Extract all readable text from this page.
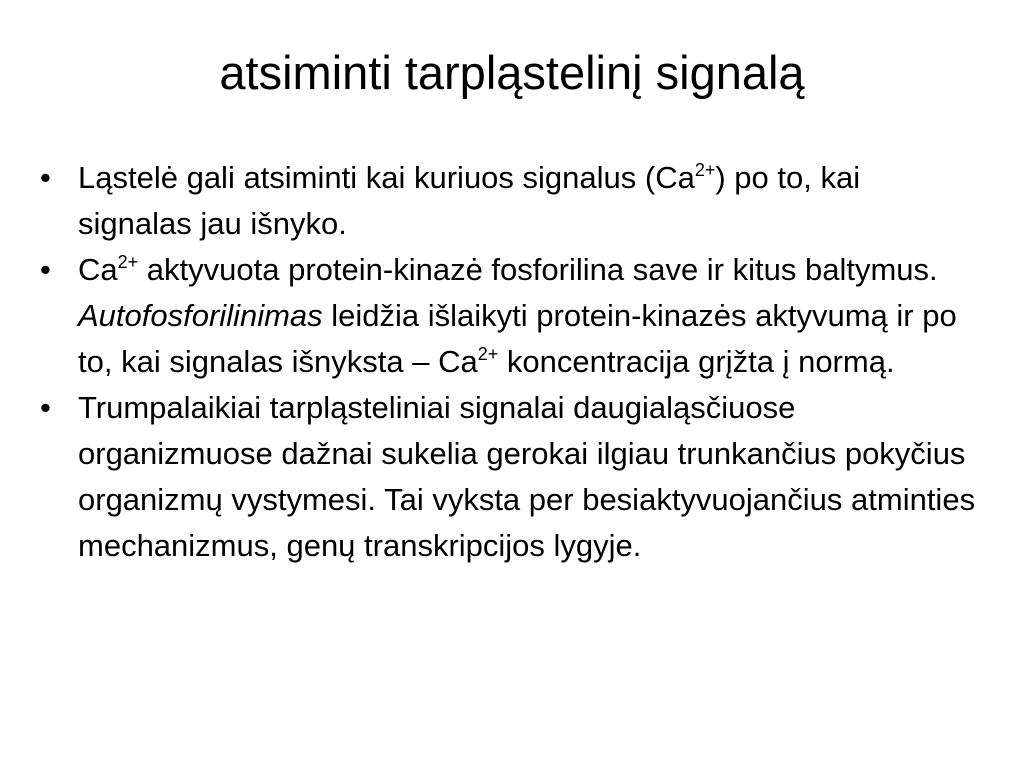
atsiminti tarpląstelinį signalą
• Ląstelė gali atsiminti kai kuriuos signalus $(Ca^{2+})$ po to, kai signalas jau išnyko.
• $Ca^{2+}$ aktyvuota protein-kinazė fosforilina save ir kitus baltymus. Autofosforilinimas leidžia išlaikyti protein-kinazės aktyvumą ir po to, kai signalas išnyksta – $Ca^{2+}$ koncentracija grįžta į normą.
• Trumpalaikiai tarpląsteliniai signalai daugialąsčiuose organizmuose dažnai sukelia gerokai ilgiau trunkančius pokyčius organizmų vystymesi. Tai vyksta per besiaktyvuojančius atminties mechanizmus, genų transkripcijos lygyje.
